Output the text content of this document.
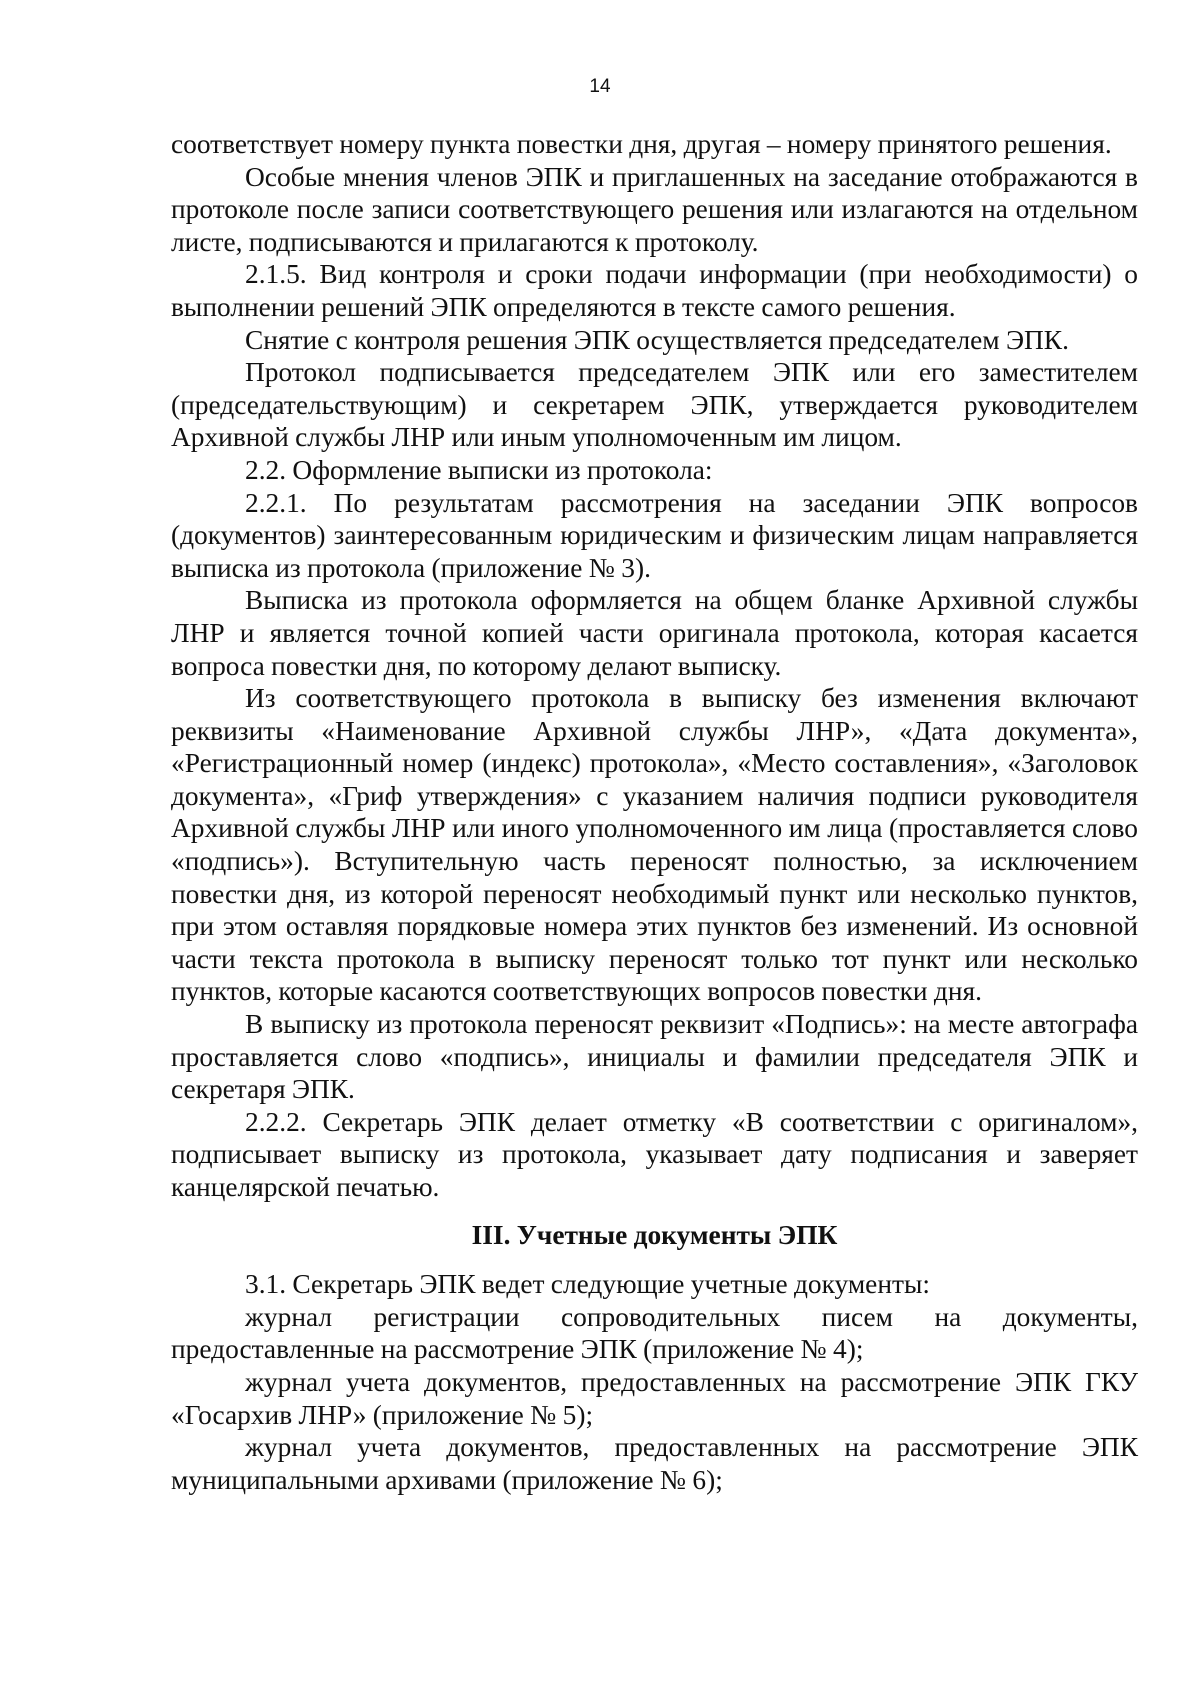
14

соответствует номеру пункта повестки дня, другая – номеру принятого решения.

Особые мнения членов ЭПК и приглашенных на заседание отображаются в протоколе после записи соответствующего решения или излагаются на отдельном листе, подписываются и прилагаются к протоколу.

2.1.5. Вид контроля и сроки подачи информации (при необходимости) о выполнении решений ЭПК определяются в тексте самого решения.

Снятие с контроля решения ЭПК осуществляется председателем ЭПК.

Протокол подписывается председателем ЭПК или его заместителем (председательствующим) и секретарем ЭПК, утверждается руководителем Архивной службы ЛНР или иным уполномоченным им лицом.

2.2. Оформление выписки из протокола:

2.2.1. По результатам рассмотрения на заседании ЭПК вопросов (документов) заинтересованным юридическим и физическим лицам направляется выписка из протокола (приложение № 3).

Выписка из протокола оформляется на общем бланке Архивной службы ЛНР и является точной копией части оригинала протокола, которая касается вопроса повестки дня, по которому делают выписку.

Из соответствующего протокола в выписку без изменения включают реквизиты «Наименование Архивной службы ЛНР», «Дата документа», «Регистрационный номер (индекс) протокола», «Место составления», «Заголовок документа», «Гриф утверждения» с указанием наличия подписи руководителя Архивной службы ЛНР или иного уполномоченного им лица (проставляется слово «подпись»). Вступительную часть переносят полностью, за исключением повестки дня, из которой переносят необходимый пункт или несколько пунктов, при этом оставляя порядковые номера этих пунктов без изменений. Из основной части текста протокола в выписку переносят только тот пункт или несколько пунктов, которые касаются соответствующих вопросов повестки дня.

В выписку из протокола переносят реквизит «Подпись»: на месте автографа проставляется слово «подпись», инициалы и фамилии председателя ЭПК и секретаря ЭПК.

2.2.2. Секретарь ЭПК делает отметку «В соответствии с оригиналом», подписывает выписку из протокола, указывает дату подписания и заверяет канцелярской печатью.

III. Учетные документы ЭПК

3.1. Секретарь ЭПК ведет следующие учетные документы:

журнал регистрации сопроводительных писем на документы, предоставленные на рассмотрение ЭПК (приложение № 4);

журнал учета документов, предоставленных на рассмотрение ЭПК ГКУ «Госархив ЛНР» (приложение № 5);

журнал учета документов, предоставленных на рассмотрение ЭПК муниципальными архивами (приложение № 6);
